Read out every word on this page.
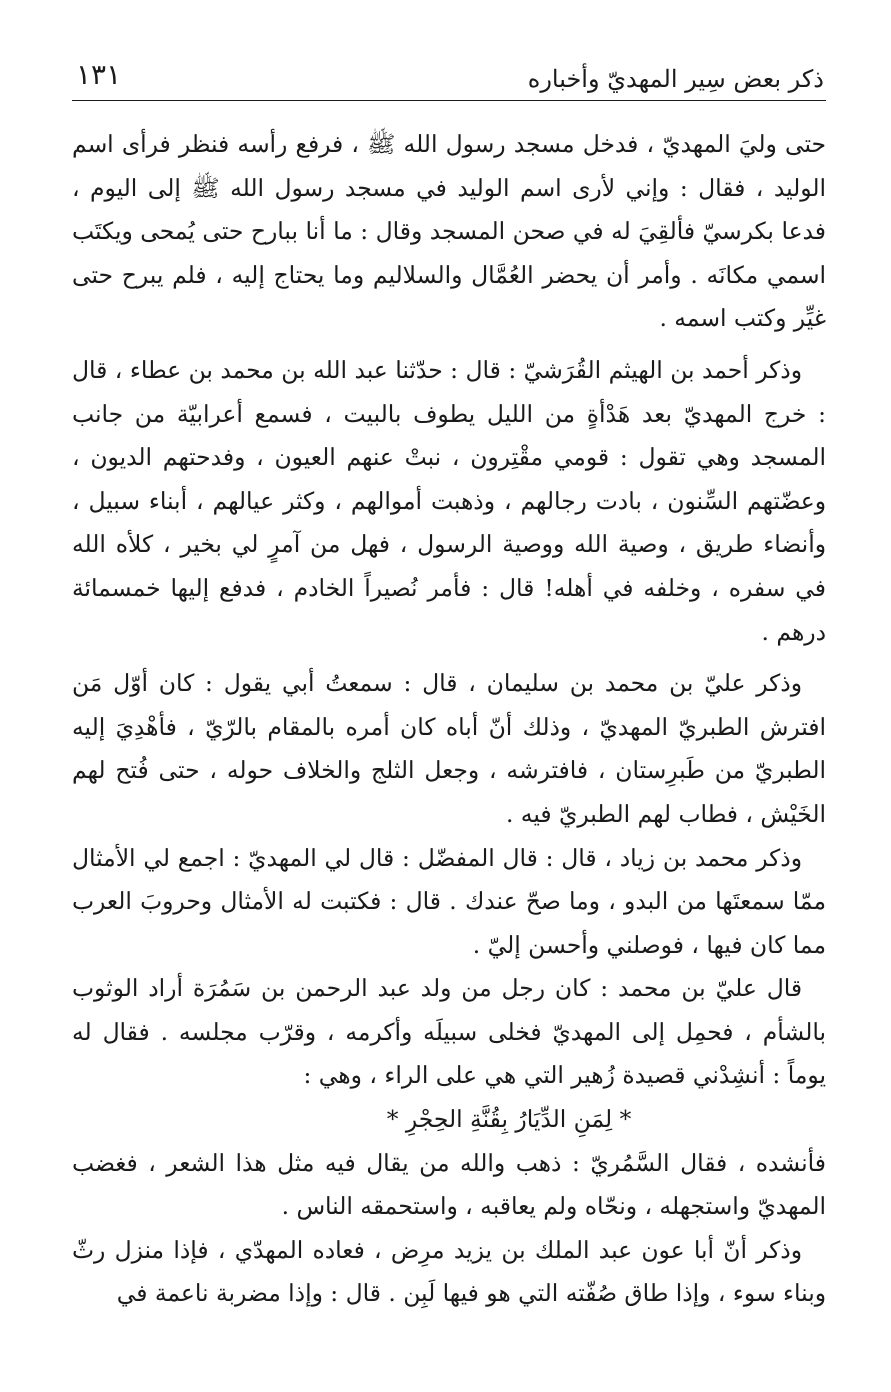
ذكر بعض سِير المهديّ وأخباره
١٣١

حتى وليَ المهديّ ، فدخل مسجد رسول الله ﷺ ، فرفع رأسه فنظر فرأى اسم الوليد ، فقال : وإني لأرى اسم الوليد في مسجد رسول الله ﷺ إلى اليوم ، فدعا بكرسيّ فألقِيَ له في صحن المسجد وقال : ما أنا ببارح حتى يُمحى ويكتَب اسمي مكانَه . وأمر أن يحضر العُمَّال والسلاليم وما يحتاج إليه ، فلم يبرح حتى غيِّر وكتب اسمه .

وذكر أحمد بن الهيثم القُرَشيّ : قال : حدّثنا عبد الله بن محمد بن عطاء ، قال : خرج المهديّ بعد هَدْأةٍ من الليل يطوف بالبيت ، فسمع أعرابيّة من جانب المسجد وهي تقول : قومي مقْتِرون ، نبتْ عنهم العيون ، وفدحتهم الديون ، وعضّتهم السِّنون ، بادت رجالهم ، وذهبت أموالهم ، وكثر عيالهم ، أبناء سبيل ، وأنضاء طريق ، وصية الله ووصية الرسول ، فهل من آمرٍ لي بخير ، كلأه الله في سفره ، وخلفه في أهله! قال : فأمر نُصيراً الخادم ، فدفع إليها خمسمائة درهم .

وذكر عليّ بن محمد بن سليمان ، قال : سمعتُ أبي يقول : كان أوّل مَن افترش الطبريّ المهديّ ، وذلك أنّ أباه كان أمره بالمقام بالرّيّ ، فأهْدِيَ إليه الطبريّ من طَبرِستان ، فافترشه ، وجعل الثلج والخلاف حوله ، حتى فُتح لهم الخَيْش ، فطاب لهم الطبريّ فيه .

وذكر محمد بن زياد ، قال : قال المفضّل : قال لي المهديّ : اجمع لي الأمثال ممّا سمعتَها من البدو ، وما صحّ عندك . قال : فكتبت له الأمثال وحروبَ العرب مما كان فيها ، فوصلني وأحسن إليّ .

قال عليّ بن محمد : كان رجل من ولد عبد الرحمن بن سَمُرَة أراد الوثوب بالشأم ، فحمِل إلى المهديّ فخلى سبيلَه وأكرمه ، وقرّب مجلسه . فقال له يوماً : أنشِدْني قصيدة زُهير التي هي على الراء ، وهي :

* لِمَنِ الدِّيَارُ بِقُنَّةِ الحِجْرِ *

فأنشده ، فقال السَّمُريّ : ذهب والله من يقال فيه مثل هذا الشعر ، فغضب المهديّ واستجهله ، ونحّاه ولم يعاقبه ، واستحمقه الناس .

وذكر أنّ أبا عون عبد الملك بن يزيد مرِض ، فعاده المهدّي ، فإذا منزل رثّ وبناء سوء ، وإذا طاق صُفّته التي هو فيها لَبِن . قال : وإذا مضربة ناعمة في
